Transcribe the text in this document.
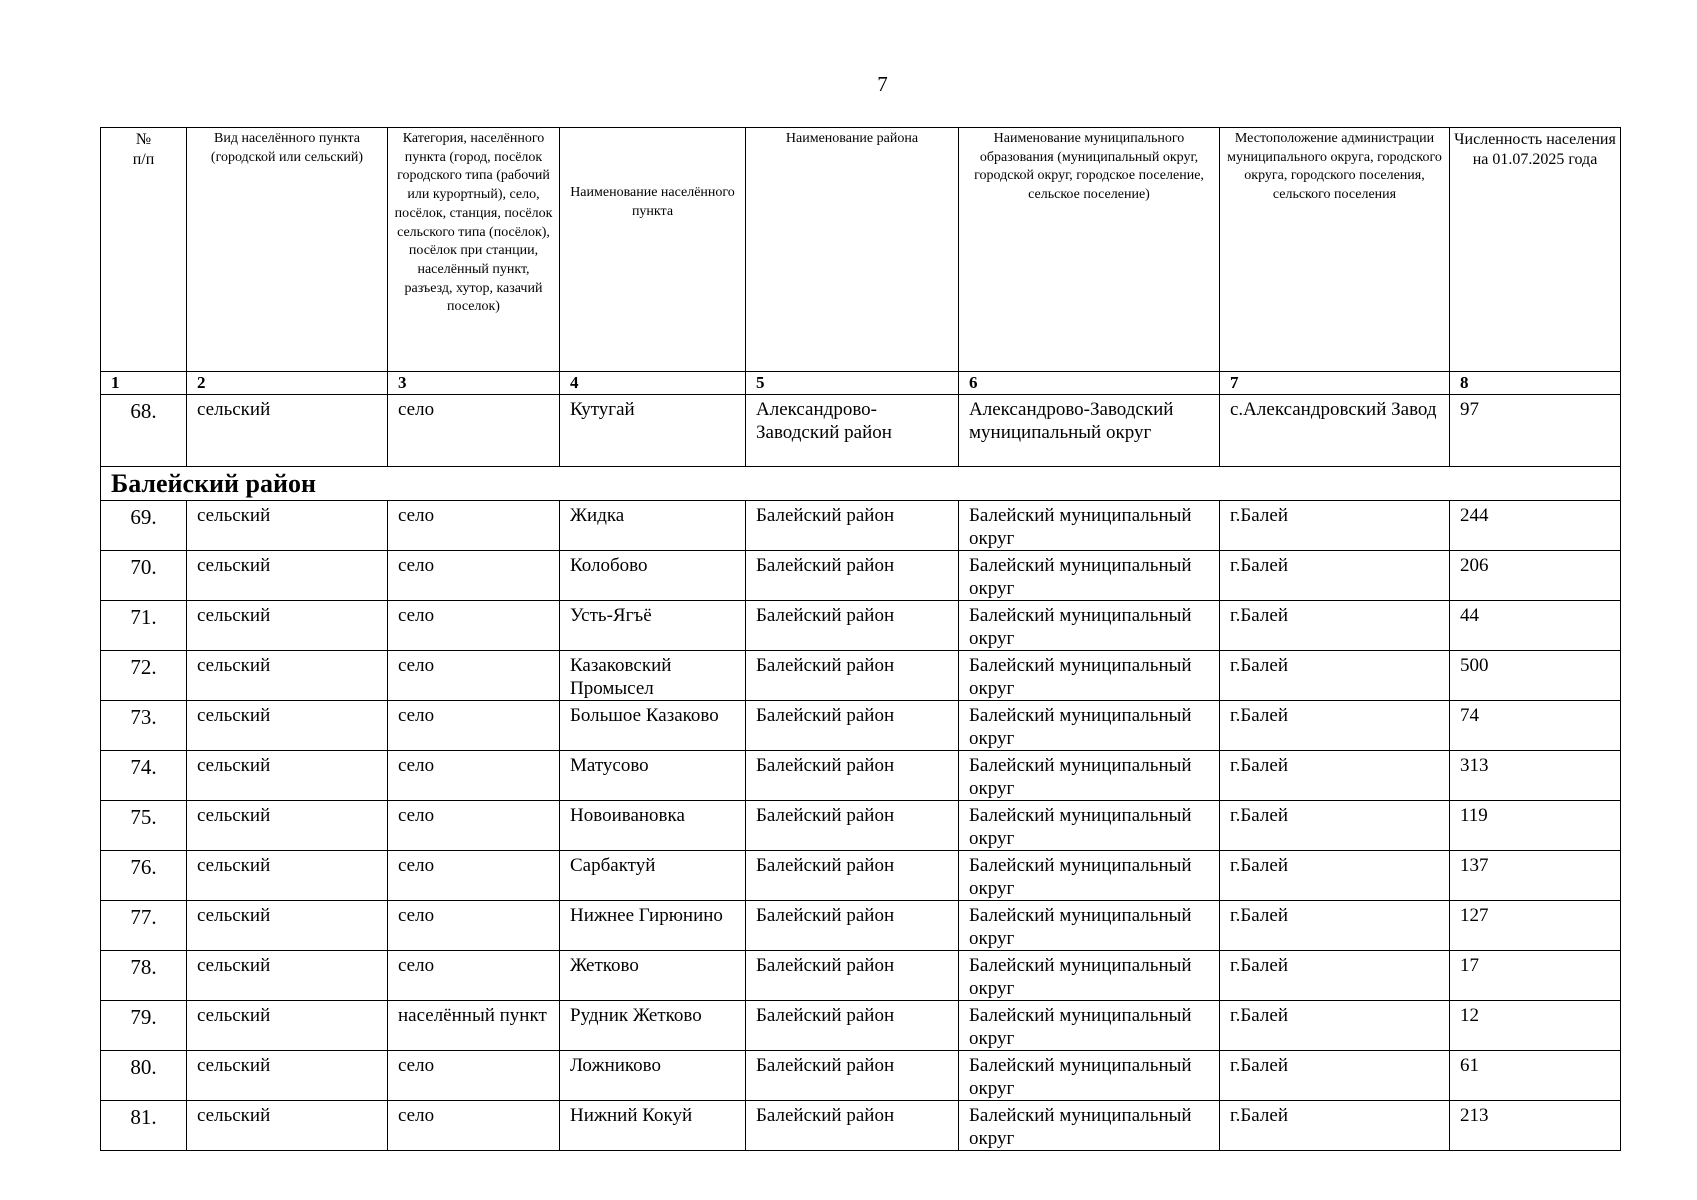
7
№
п/п	Вид населённого пункта (городской или сельский)	Категория, населённого пункта (город, посёлок городского типа (рабочий или курортный), село, посёлок, станция, посёлок сельского типа (посёлок), посёлок при станции, населённый пункт, разъезд, хутор, казачий поселок)	Наименование населённого пункта	Наименование района	Наименование муниципального образования (муниципальный округ, городской округ, городское поселение, сельское поселение)	Местоположение администрации муниципального округа, городского округа, городского поселения, сельского поселения	Численность населения на 01.07.2025 года
1	2	3	4	5	6	7	8
68.	сельский	село	Кутугай	Александрово-Заводский район	Александрово-Заводский муниципальный округ	с.Александровский Завод	97
Балейский район							
69.	сельский	село	Жидка	Балейский район	Балейский муниципальный округ	г.Балей	244
70.	сельский	село	Колобово	Балейский район	Балейский муниципальный округ	г.Балей	206
71.	сельский	село	Усть-Ягъё	Балейский район	Балейский муниципальный округ	г.Балей	44
72.	сельский	село	Казаковский Промысел	Балейский район	Балейский муниципальный округ	г.Балей	500
73.	сельский	село	Большое Казаково	Балейский район	Балейский муниципальный округ	г.Балей	74
74.	сельский	село	Матусово	Балейский район	Балейский муниципальный округ	г.Балей	313
75.	сельский	село	Новоивановка	Балейский район	Балейский муниципальный округ	г.Балей	119
76.	сельский	село	Сарбактуй	Балейский район	Балейский муниципальный округ	г.Балей	137
77.	сельский	село	Нижнее Гирюнино	Балейский район	Балейский муниципальный округ	г.Балей	127
78.	сельский	село	Жетково	Балейский район	Балейский муниципальный округ	г.Балей	17
79.	сельский	населённый пункт	Рудник Жетково	Балейский район	Балейский муниципальный округ	г.Балей	12
80.	сельский	село	Ложниково	Балейский район	Балейский муниципальный округ	г.Балей	61
81.	сельский	село	Нижний Кокуй	Балейский район	Балейский муниципальный округ	г.Балей	213
